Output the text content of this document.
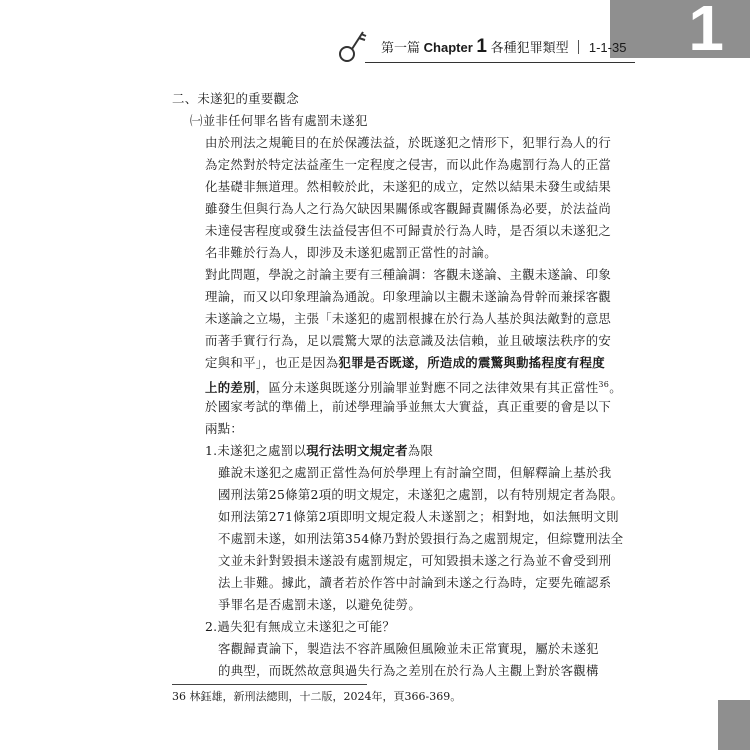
1
第一篇 Chapter 1 各種犯罪類型 1-1-35
二、未遂犯的重要觀念
㈠並非任何罪名皆有處罰未遂犯
由於刑法之規範目的在於保護法益，於既遂犯之情形下，犯罪行為人的行
為定然對於特定法益產生一定程度之侵害，而以此作為處罰行為人的正當
化基礎非無道理。然相較於此，未遂犯的成立，定然以結果未發生或結果
雖發生但與行為人之行為欠缺因果關係或客觀歸責關係為必要，於法益尚
未達侵害程度或發生法益侵害但不可歸責於行為人時，是否須以未遂犯之
名非難於行為人，即涉及未遂犯處罰正當性的討論。
對此問題，學說之討論主要有三種論調：客觀未遂論、主觀未遂論、印象
理論，而又以印象理論為通說。印象理論以主觀未遂論為骨幹而兼採客觀
未遂論之立場，主張「未遂犯的處罰根據在於行為人基於與法敵對的意思
而著手實行行為，足以震驚大眾的法意識及法信賴，並且破壞法秩序的安
定與和平」，也正是因為犯罪是否既遂，所造成的震驚與動搖程度有程度
上的差別，區分未遂與既遂分別論罪並對應不同之法律效果有其正當性$^{36}$。
於國家考試的準備上，前述學理論爭並無太大實益，真正重要的會是以下
兩點：
1.未遂犯之處罰以現行法明文規定者為限
雖說未遂犯之處罰正當性為何於學理上有討論空間，但解釋論上基於我
國刑法第25條第2項的明文規定，未遂犯之處罰，以有特別規定者為限。
如刑法第271條第2項即明文規定殺人未遂罰之；相對地，如法無明文則
不處罰未遂，如刑法第354條乃對於毀損行為之處罰規定，但綜覽刑法全
文並未針對毀損未遂設有處罰規定，可知毀損未遂之行為並不會受到刑
法上非難。據此，讀者若於作答中討論到未遂之行為時，定要先確認系
爭罪名是否處罰未遂，以避免徒勞。
2.過失犯有無成立未遂犯之可能？
客觀歸責論下，製造法不容許風險但風險並未正常實現，屬於未遂犯
的典型，而既然故意與過失行為之差別在於行為人主觀上對於客觀構
36 林鈺雄，新刑法總則，十二版，2024年，頁366-369。
